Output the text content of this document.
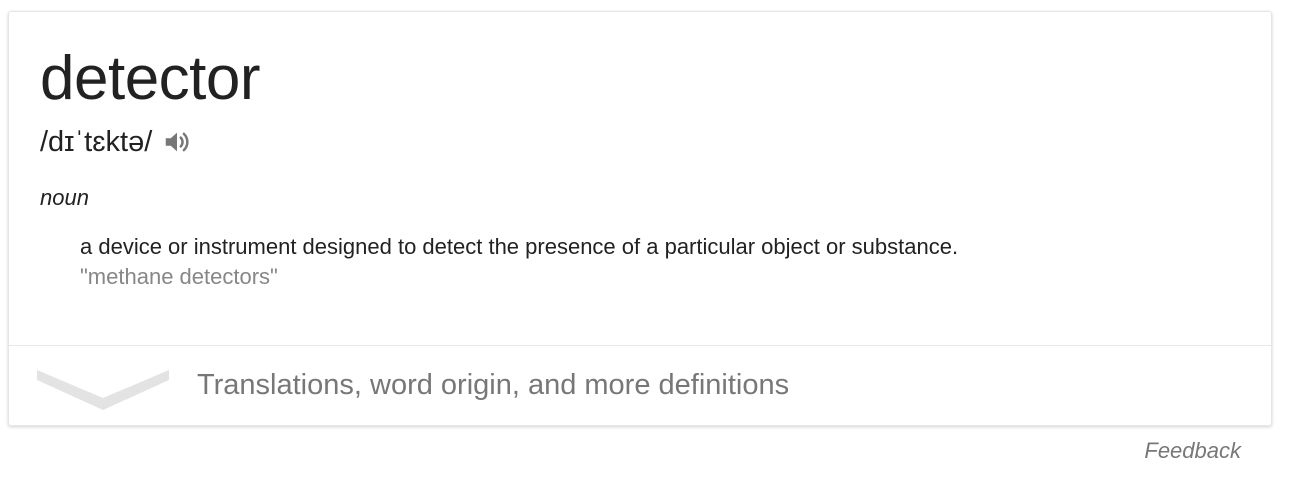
detector
/dɪˈtɛktə/
noun
a device or instrument designed to detect the presence of a particular object or substance.
"methane detectors"
Translations, word origin, and more definitions
Feedback
